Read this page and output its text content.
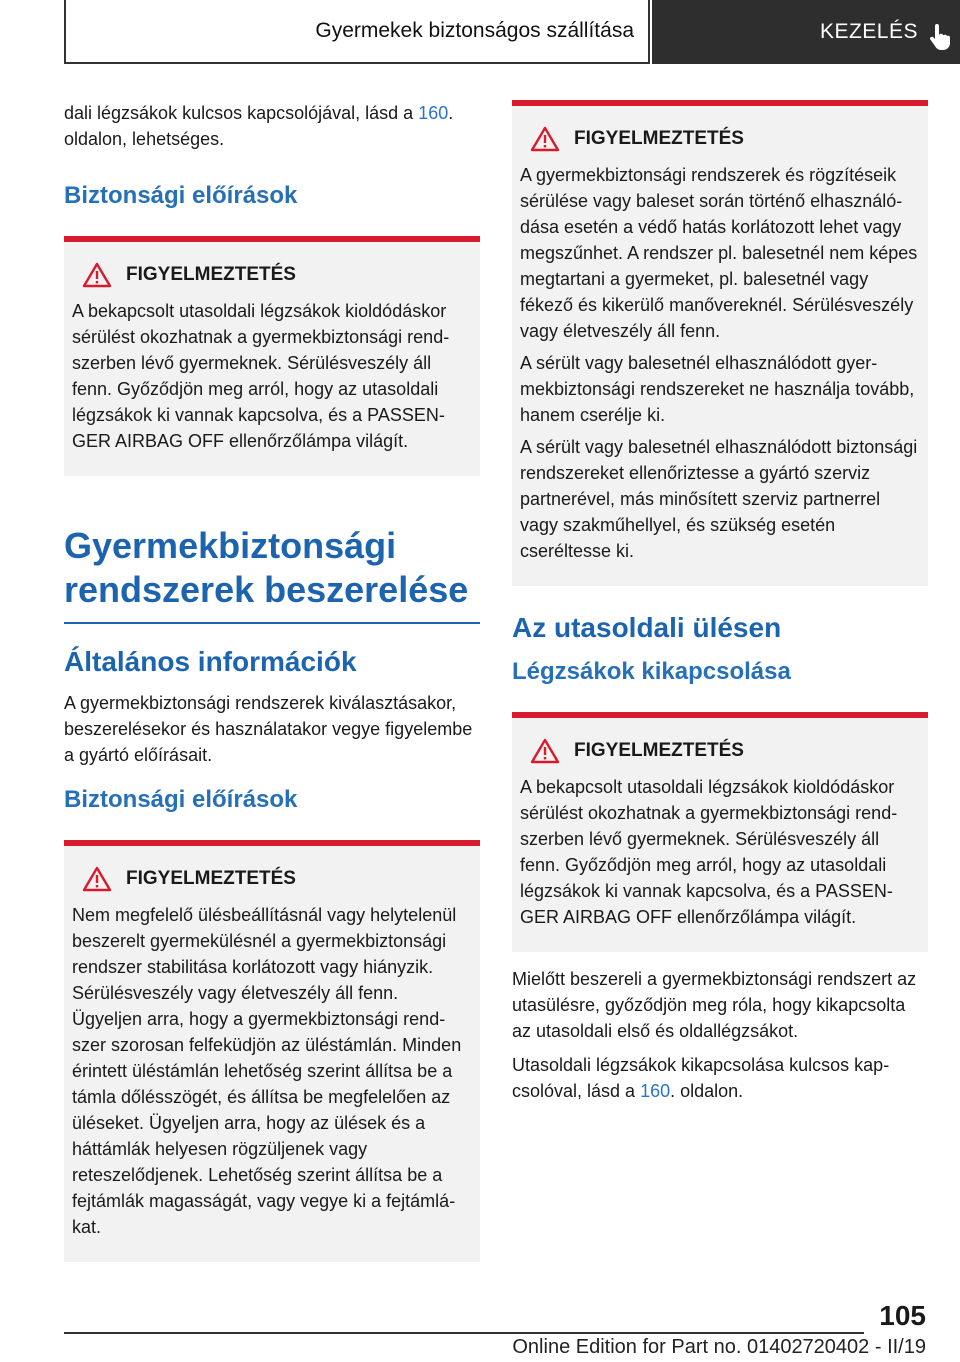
Gyermekek biztonságos szállítása	KEZELÉS

dali légzsákok kulcsos kapcsolójával, lásd a 160. oldalon, lehetséges.

Biztonsági előírások
FIGYELMEZTETÉS

A bekapcsolt utasoldali légzsákok kioldódáskor sérülést okozhatnak a gyermekbiztonsági rendszerben lévő gyermeknek. Sérülésveszély áll fenn. Győződjön meg arról, hogy az utasoldali légzsákok ki vannak kapcsolva, és a PASSENGER AIRBAG OFF ellenőrzőlámpa világít.

Gyermekbiztonsági rendszerek beszerelése
Általános információk

A gyermekbiztonsági rendszerek kiválasztásakor, beszerelésekor és használatakor vegye figyelembe a gyártó előírásait.

Biztonsági előírások
FIGYELMEZTETÉS

Nem megfelelő ülésbeállításnál vagy helytelenül beszerelt gyermekülésnél a gyermekbiztonsági rendszer stabilitása korlátozott vagy hiányzik. Sérülésveszély vagy életveszély áll fenn. Ügyeljen arra, hogy a gyermekbiztonsági rendszer szorosan felfeküdjön az üléstámlán. Minden érintett üléstámlán lehetőség szerint állítsa be a támla dőlésszögét, és állítsa be megfelelően az üléseket. Ügyeljen arra, hogy az ülések és a háttámlák helyesen rögzüljenek vagy reteszelődjenek. Lehetőség szerint állítsa be a fejtámlák magasságát, vagy vegye ki a fejtámlákat.

FIGYELMEZTETÉS

A gyermekbiztonsági rendszerek és rögzítéseik sérülése vagy baleset során történő elhasználódása esetén a védő hatás korlátozott lehet vagy megszűnhet. A rendszer pl. balesetnél nem képes megtartani a gyermeket, pl. balesetnél vagy fékező és kikerülő manővereknél. Sérülésveszély vagy életveszély áll fenn.

A sérült vagy balesetnél elhasználódott gyermekbiztonsági rendszereket ne használja tovább, hanem cserélje ki.

A sérült vagy balesetnél elhasználódott biztonsági rendszereket ellenőriztesse a gyártó szerviz partnerével, más minősített szerviz partnerrel vagy szakműhellyel, és szükség esetén cseréltesse ki.

Az utasoldali ülésen
Légzsákok kikapcsolása
FIGYELMEZTETÉS

A bekapcsolt utasoldali légzsákok kioldódáskor sérülést okozhatnak a gyermekbiztonsági rendszerben lévő gyermeknek. Sérülésveszély áll fenn. Győződjön meg arról, hogy az utasoldali légzsákok ki vannak kapcsolva, és a PASSENGER AIRBAG OFF ellenőrzőlámpa világít.

Mielőtt beszereli a gyermekbiztonsági rendszert az utasülésre, győződjön meg róla, hogy kikapcsolta az utasoldali első és oldallégzsákot.

Utasoldali légzsákok kikapcsolása kulcsos kapcsolóval, lásd a 160. oldalon.

105
Online Edition for Part no. 01402720402 - II/19
